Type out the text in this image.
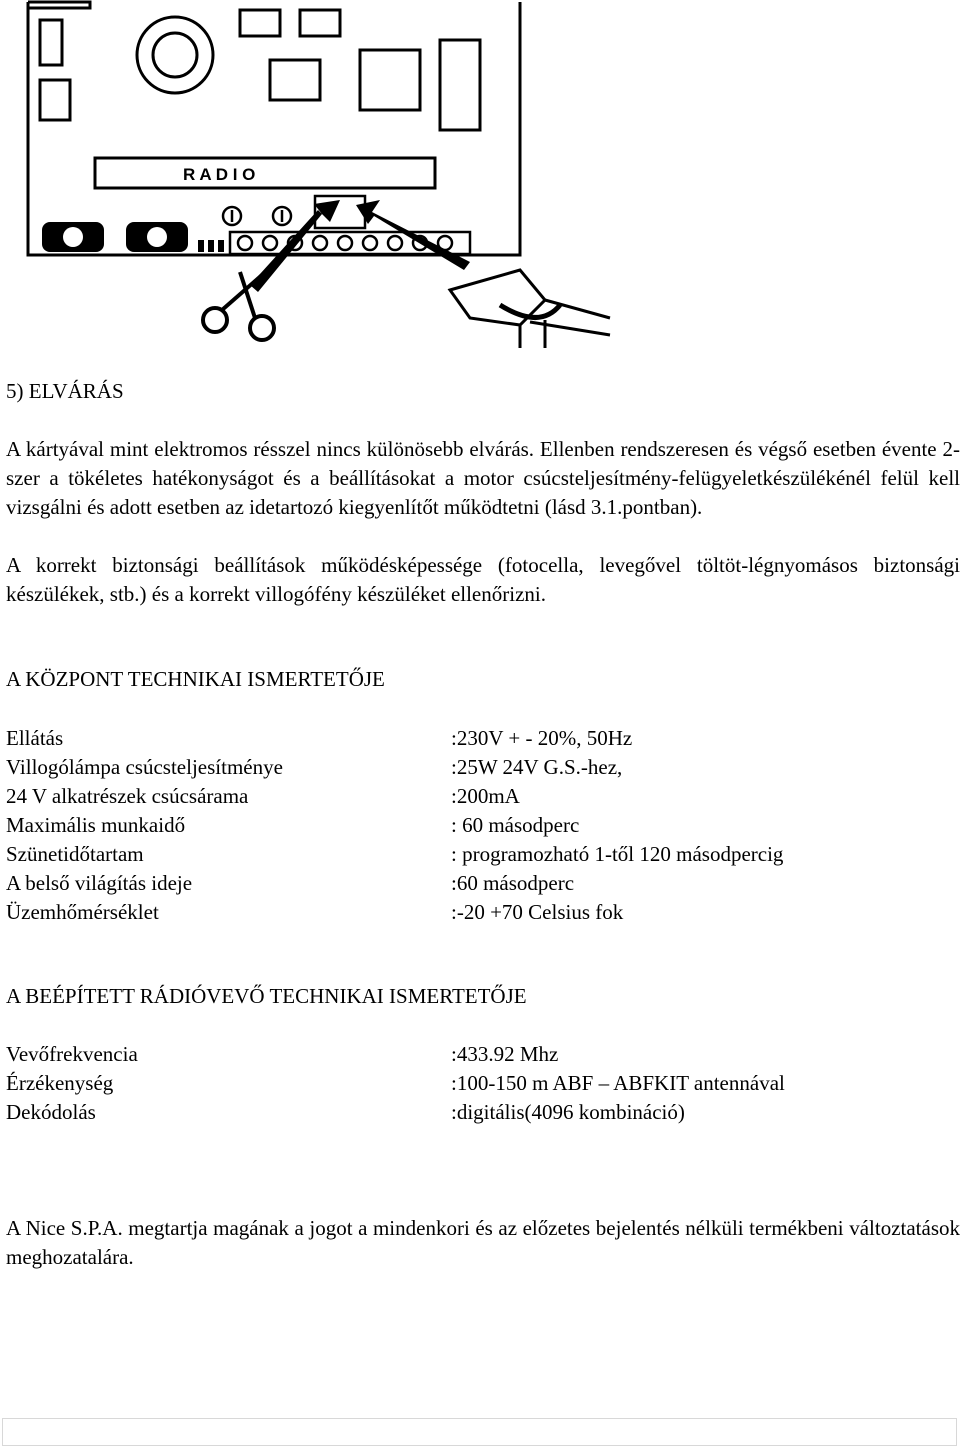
R A D I O
5) ELVÁRÁS

A kártyával mint elektromos résszel nincs különösebb elvárás. Ellenben rendszeresen és végső esetben évente 2-szer a tökéletes hatékonyságot és a beállításokat a motor csúcsteljesítmény-felügyeletkészülékénél felül kell vizsgálni és adott esetben az idetartozó kiegyenlítőt működtetni (lásd 3.1.pontban).

A korrekt biztonsági beállítások működésképessége (fotocella, levegővel töltöt-légnyomásos biztonsági készülékek, stb.) és a korrekt villogófény készüléket ellenőrizni.

A KÖZPONT TECHNIKAI ISMERTETŐJE
Ellátás	:230V + - 20%, 50Hz
Villogólámpa csúcsteljesítménye	:25W 24V G.S.-hez,
24 V alkatrészek csúcsárama	:200mA
Maximális munkaidő	: 60 másodperc
Szünetidőtartam	: programozható 1-től 120 másodpercig
A belső világítás ideje	:60 másodperc
Üzemhőmérséklet	:-20 +70 Celsius fok
A BEÉPÍTETT RÁDIÓVEVŐ TECHNIKAI ISMERTETŐJE
Vevőfrekvencia	:433.92 Mhz
Érzékenység	:100-150 m ABF – ABFKIT antennával
Dekódolás	:digitális(4096 kombináció)

A Nice S.P.A. megtartja magának a jogot a mindenkori és az előzetes bejelentés nélküli termékbeni változtatások meghozatalára.
